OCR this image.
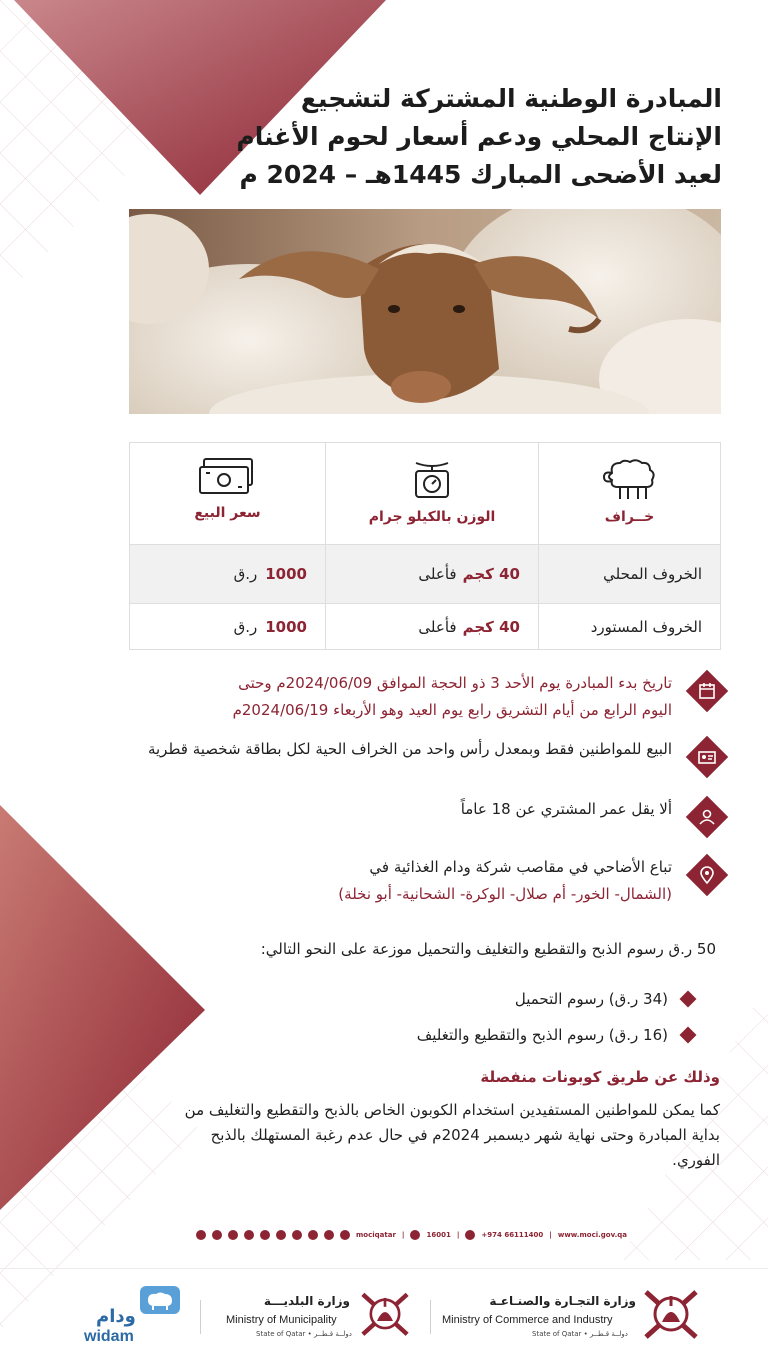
المبادرة الوطنية المشتركة لتشجيع
الإنتاج المحلي ودعم أسعار لحوم الأغنام
لعيد الأضحى المبارك 1445هـ – 2024 م
خــراف
الوزن بالكيلو جرام
سعر البيع
الخروف المحلي
40 كجم
فأعلى
1000
ر.ق
الخروف المستورد
40 كجم
فأعلى
1000
ر.ق
تاريخ بدء المبادرة يوم الأحد 3 ذو الحجة الموافق 2024/06/09م وحتى
اليوم الرابع من أيام التشريق رابع يوم العيد وهو الأربعاء 2024/06/19م
البيع للمواطنين فقط وبمعدل رأس واحد من الخراف الحية لكل بطاقة شخصية قطرية
ألا يقل عمر المشتري عن 18 عاماً
تباع الأضاحي في مقاصب شركة ودام الغذائية في
(الشمال- الخور- أم صلال- الوكرة- الشحانية- أبو نخلة)
50 ر.ق رسوم الذبح والتقطيع والتغليف والتحميل موزعة على النحو التالي:
(34 ر.ق) رسوم التحميل
(16 ر.ق) رسوم الذبح والتقطيع والتغليف
وذلك عن طريق كوبونات منفصلة
كما يمكن للمواطنين المستفيدين استخدام الكوبون الخاص بالذبح والتقطيع والتغليف من بداية المبادرة وحتى نهاية شهر ديسمبر 2024م في حال عدم رغبة المستهلك بالذبح الفوري.
mociqatar |	16001 |	+974 66111400 | www.moci.gov.qa
وزارة التجـارة والصنـاعـة
Ministry of Commerce and Industry
State of Qatar • دولــة قـطــر
وزارة البلديـــة
Ministry of Municipality
State of Qatar • دولــة قـطــر
ودام
widam
